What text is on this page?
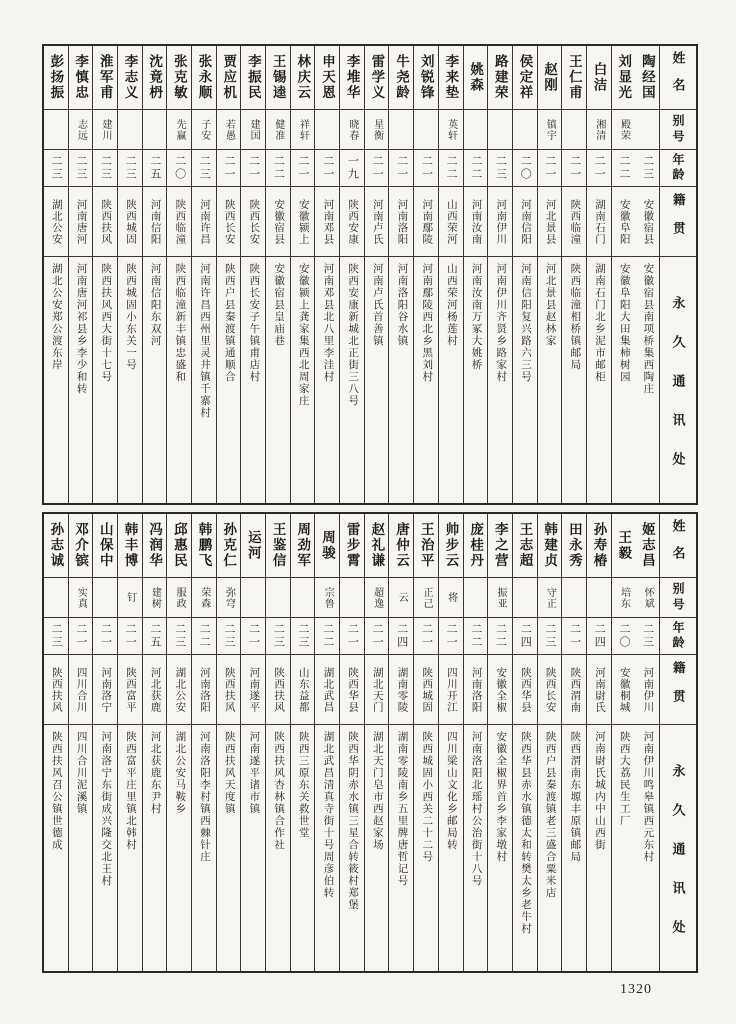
姓名
别号
年龄
籍贯
永久通讯处
陶经国
二三
安徽宿县
安徽宿县南项桥集西陶庄
刘显光
殿荣
二二
安徽阜阳
安徽阜阳大田集柿树园
白洁
湘清
二一
湖南石门
湖南石门北乡泥市邮柜
王仁甫
二一
陕西临潼
陕西临潼相桥镇邮局
赵刚
镇宇
二一
河北景县
河北景县赵林家
侯定祥
二〇
河南信阳
河南信阳复兴路六三号
路建荣
二三
河南伊川
河南伊川齐贤乡路家村
姚森
二二
河南汝南
河南汝南万冢大姚桥
李来垫
英轩
二二
山西荣河
山西荣河杨莲村
刘锐锋
二一
河南鄢陵
河南鄢陵西北乡黑刘村
牛尧龄
二一
河南洛阳
河南洛阳谷水镇
雷学义
星衡
二一
河南卢氏
河南卢氏首善镇
李堆华
晓春
一九
陕西安康
陕西安康新城北正街三八号
申天恩
二一
河南邓县
河南邓县北八里李洼村
林庆云
祥轩
二一
安徽颍上
安徽颍上龚家集西北周家庄
王锡逵
健准
二二
安徽宿县
安徽宿县皇庙巷
李振民
建国
二一
陕西长安
陕西长安子午镇甫店村
贾应机
若愚
二一
陕西长安
陕西户县秦渡镇通顺合
张永顺
子安
二三
河南许昌
河南许昌西州里灵井镇千寨村
张克敏
先赢
二〇
陕西临潼
陕西临潼新丰镇忠盛和
沈竟枬
二五
河南信阳
河南信阳东双河
李志义
二三
陕西城固
陕西城固小东关一号
淮军甫
建川
二三
陕西扶风
陕西扶风西大街十七号
李慎忠
志远
二三
河南唐河
河南唐河祁县乡李少和转
彭扬振
二三
湖北公安
湖北公安郑公渡东岸
姓名
别号
年龄
籍贯
永久通讯处
姬志昌
怀斌
二三
河南伊川
河南伊川鸣皋镇西元东村
王毅
培东
二〇
安徽桐城
陕西大荔民生工厂
孙寿椿
二四
河南尉氏
河南尉氏城内中山西街
田永秀
二一
陕西渭南
陕西渭南东塬丰原镇邮局
韩建贞
守正
二三
陕西长安
陕西户县秦渡镇老三盛合粟米店
王志超
二四
陕西华县
陕西华县赤水镇德太和转樊太乡老牛村
李之营
振亚
二二
安徽全椒
安徽全椒界首乡李家墩村
庞桂丹
二二
河南洛阳
河南洛阳北瑶村公治街十八号
帅步云
将
二一
四川开江
四川梁山文化乡邮局转
王治平
正己
二一
陕西城固
陕西城固小西关二十二号
唐仲云
云
二四
湖南零陵
湖南零陵南乡五里牌唐哲记号
赵礼谦
超逸
二一
湖北天门
湖北天门皂市西赵家场
雷步霄
二一
陕西华县
陕西华阴赤水镇三星合转筱村郑堡
周骏
宗鲁
二二
湖北武昌
湖北武昌清真寺街十号周彦伯转
周劲军
二三
山东益都
陕西三原东关救世堂
王鉴信
二三
陕西扶风
陕西扶风杏林镇合作社
运河
二一
河南遂平
河南遂平诸市镇
孙克仁
弥穹
二三
陕西扶风
陕西扶风天度镇
韩鹏飞
荣森
二二
河南洛阳
河南洛阳李村镇西棘针庄
邱惠民
服政
二三
湖北公安
湖北公安马鞍乡
冯润华
建树
二五
河北获鹿
河北获鹿东尹村
韩丰博
钉
二一
陕西富平
陕西富平庄里镇北韩村
山保中
二一
河南洛宁
河南洛宁东街成兴隆交北王村
邓介镔
实真
二一
四川合川
四川合川泥溪镇
孙志诚
二三
陕西扶风
陕西扶风召公镇世德成
1320
